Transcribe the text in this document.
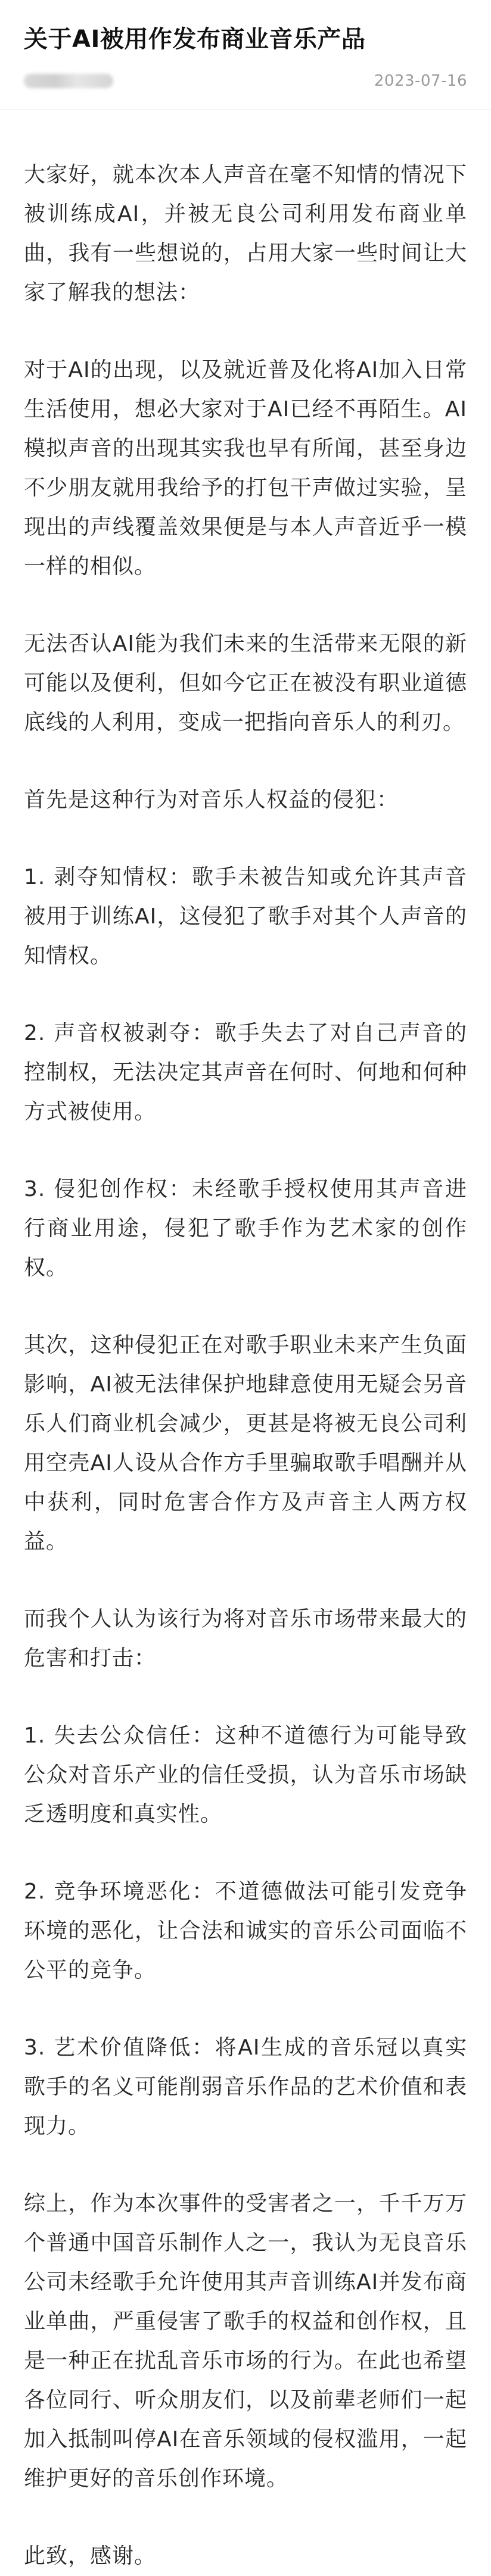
关于AI被用作发布商业音乐产品
2023-07-16

大家好，就本次本人声音在毫不知情的情况下被训练成AI，并被无良公司利用发布商业单曲，我有一些想说的，占用大家一些时间让大家了解我的想法：

对于AI的出现，以及就近普及化将AI加入日常生活使用，想必大家对于AI已经不再陌生。AI模拟声音的出现其实我也早有所闻，甚至身边不少朋友就用我给予的打包干声做过实验，呈现出的声线覆盖效果便是与本人声音近乎一模一样的相似。

无法否认AI能为我们未来的生活带来无限的新可能以及便利，但如今它正在被没有职业道德底线的人利用，变成一把指向音乐人的利刃。

首先是这种行为对音乐人权益的侵犯：

1. 剥夺知情权：歌手未被告知或允许其声音被用于训练AI，这侵犯了歌手对其个人声音的知情权。

2. 声音权被剥夺：歌手失去了对自己声音的控制权，无法决定其声音在何时、何地和何种方式被使用。

3. 侵犯创作权：未经歌手授权使用其声音进行商业用途，侵犯了歌手作为艺术家的创作权。

其次，这种侵犯正在对歌手职业未来产生负面影响，AI被无法律保护地肆意使用无疑会另音乐人们商业机会减少，更甚是将被无良公司利用空壳AI人设从合作方手里骗取歌手唱酬并从中获利，同时危害合作方及声音主人两方权益。

而我个人认为该行为将对音乐市场带来最大的危害和打击：

1. 失去公众信任：这种不道德行为可能导致公众对音乐产业的信任受损，认为音乐市场缺乏透明度和真实性。

2. 竞争环境恶化：不道德做法可能引发竞争环境的恶化，让合法和诚实的音乐公司面临不公平的竞争。

3. 艺术价值降低：将AI生成的音乐冠以真实歌手的名义可能削弱音乐作品的艺术价值和表现力。

综上，作为本次事件的受害者之一，千千万万个普通中国音乐制作人之一，我认为无良音乐公司未经歌手允许使用其声音训练AI并发布商业单曲，严重侵害了歌手的权益和创作权，且是一种正在扰乱音乐市场的行为。在此也希望各位同行、听众朋友们，以及前辈老师们一起加入抵制叫停AI在音乐领域的侵权滥用，一起维护更好的音乐创作环境。

此致，感谢。
